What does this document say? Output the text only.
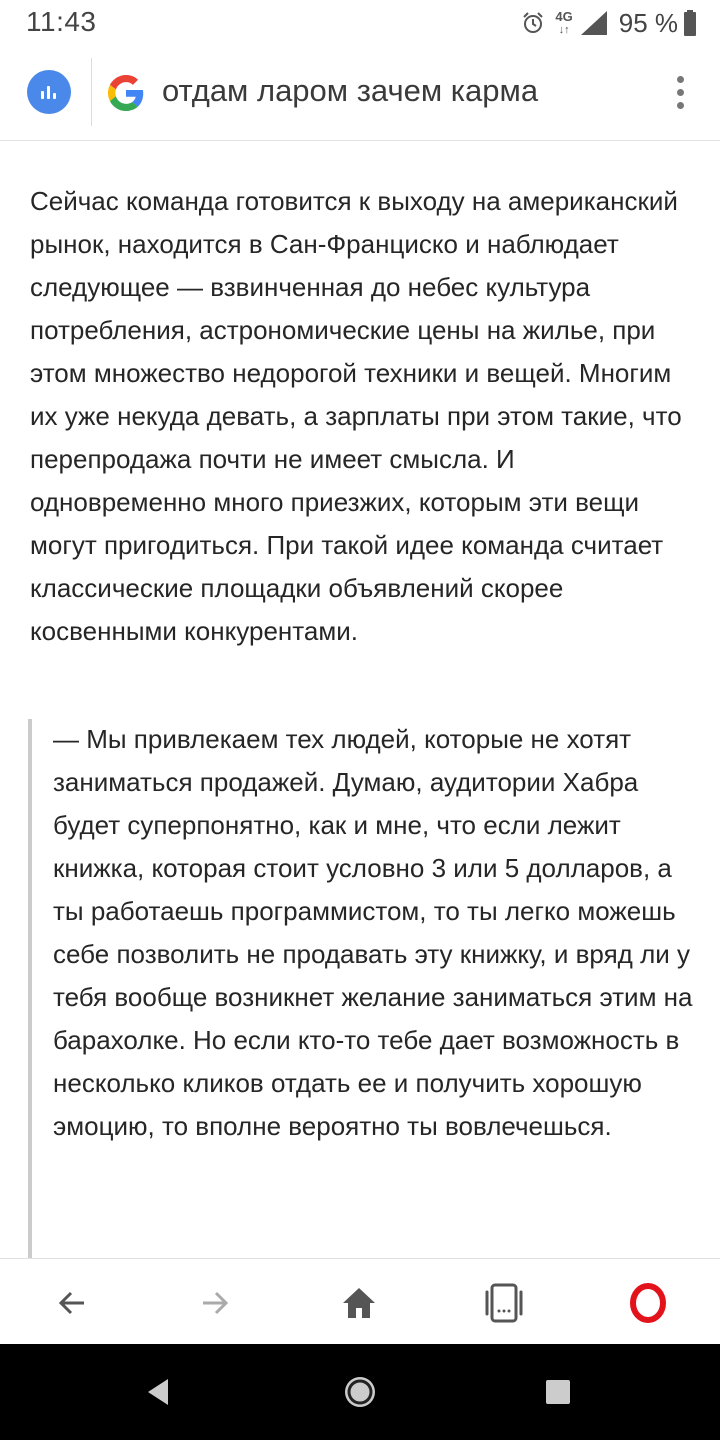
11:43	4G
↓↑ 95 %
отдам ларом зачем карма

Сейчас команда готовится к выходу на американский рынок, находится в Сан-Франциско и наблюдает следующее — взвинченная до небес культура потребления, астрономические цены на жилье, при этом множество недорогой техники и вещей. Многим их уже некуда девать, а зарплаты при этом такие, что перепродажа почти не имеет смысла. И одновременно много приезжих, которым эти вещи могут пригодиться. При такой идее команда считает классические площадки объявлений скорее косвенными конкурентами.

— Мы привлекаем тех людей, которые не хотят заниматься продажей. Думаю, аудитории Хабра будет суперпонятно, как и мне, что если лежит книжка, которая стоит условно 3 или 5 долларов, а ты работаешь программистом, то ты легко можешь себе позволить не продавать эту книжку, и вряд ли у тебя вообще возникнет желание заниматься этим на барахолке. Но если кто-то тебе дает возможность в несколько кликов отдать ее и получить хорошую эмоцию, то вполне вероятно ты вовлечешься.
